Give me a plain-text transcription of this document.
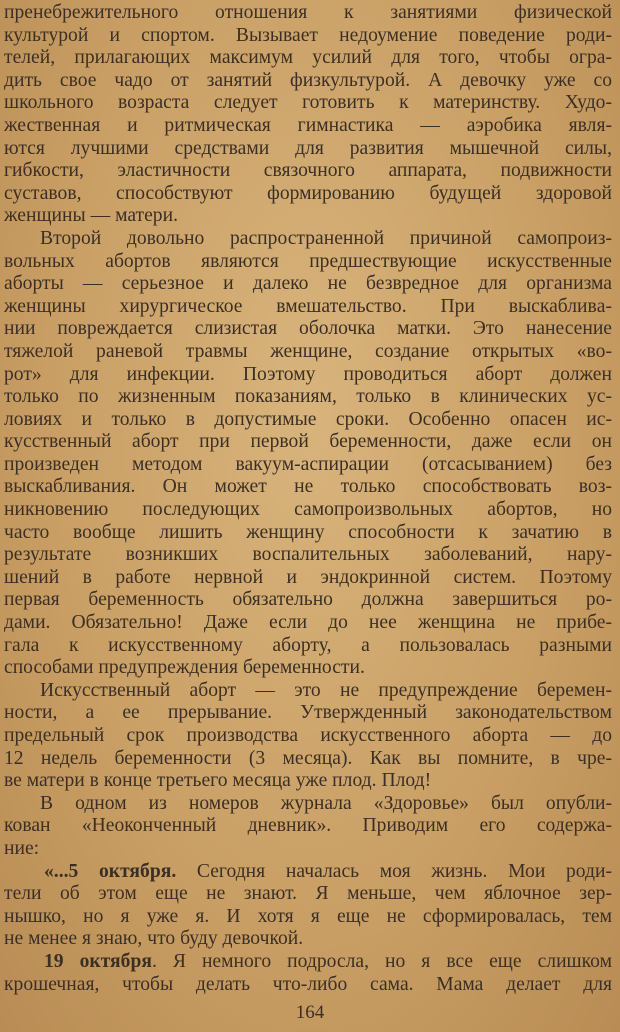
пренебрежительного отношения к занятиями физической
культурой и спортом. Вызывает недоумение поведение роди-
телей, прилагающих максимум усилий для того, чтобы огра-
дить свое чадо от занятий физкультурой. А девочку уже со
школьного возраста следует готовить к материнству. Худо-
жественная и ритмическая гимнастика — аэробика явля-
ются лучшими средствами для развития мышечной силы,
гибкости, эластичности связочного аппарата, подвижности
суставов, способствуют формированию будущей здоровой
женщины — матери.
Второй довольно распространенной причиной самопроиз-
вольных абортов являются предшествующие искусственные
аборты — серьезное и далеко не безвредное для организма
женщины хирургическое вмешательство. При выскабливa-
нии повреждается слизистая оболочка матки. Это нанесение
тяжелой раневой травмы женщине, создание открытых «во-
рот» для инфекции. Поэтому проводиться аборт должен
только по жизненным показаниям, только в клинических ус-
ловиях и только в допустимые сроки. Особенно опасен ис-
кусственный аборт при первой беременности, даже если он
произведен методом вакуум-аспирации (отсасыванием) без
выскабливания. Он может не только способствовать воз-
никновению последующих самопроизвольных абортов, но
часто вообще лишить женщину способности к зачатию в
результате возникших воспалительных заболеваний, нару-
шений в работе нервной и эндокринной систем. Поэтому
первая беременность обязательно должна завершиться ро-
дами. Обязательно! Даже если до нее женщина не прибе-
гала к искусственному аборту, а пользовалась разными
способами предупреждения беременности.
Искусственный аборт — это не предупреждение беремен-
ности, а ее прерывание. Утвержденный законодательством
предельный срок производства искусственного аборта — до
12 недель беременности (3 месяца). Как вы помните, в чре-
ве матери в конце третьего месяца уже плод. Плод!
В одном из номеров журнала «Здоровье» был опубли-
кован «Неоконченный дневник». Приводим его содержа-
ние:
«...5 октября. Сегодня началась моя жизнь. Мои роди-
тели об этом еще не знают. Я меньше, чем яблочное зер-
нышко, но я уже я. И хотя я еще не сформировалась, тем
не менее я знаю, что буду девочкой.
19 октября. Я немного подросла, но я все еще слишком
крошечная, чтобы делать что-либо сама. Мама делает для
164
